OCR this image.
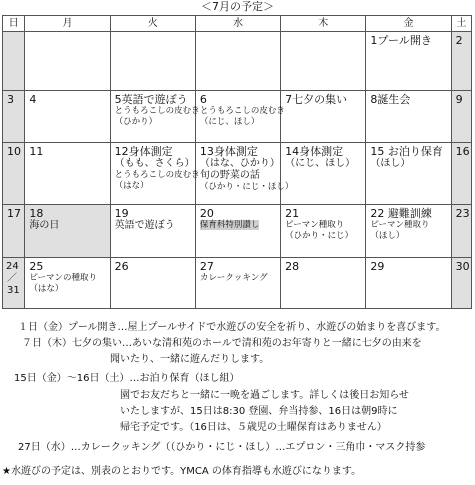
＜7月の予定＞
日	月	火	水	木	金	土

					1プール開き	2

3	4	5英語で遊ぼう
とうもろこしの皮むき
（ひかり）	6
とうもろこしの皮むき
（にじ、ほし）	7七夕の集い	8誕生会	9

10	11	12身体測定
（もも、さくら）
とうもろこしの皮むき
（はな）	13身体測定
（はな、ひかり）
旬の野菜の話
（ひかり・にじ・ほし）	14身体測定
（にじ、ほし）	15 お泊り保育
（ほし）	16

17	18
海の日	19
英語で遊ぼう	20
保育科特別讃し	21
ピーマン種取り
（ひかり・にじ）	22 避難訓練
ピーマン種取り
（ほし）	23

24
／
31	25
ピーマンの種取り
（はな）	26	27
カレークッキング	28	29	30
１日（金）プール開き…屋上プールサイドで水遊びの安全を祈り、水遊びの始まりを喜びます。
７日（木）七夕の集い…あいな清和苑のホールで清和苑のお年寄りと一緒に七夕の由来を
聞いたり、一緒に遊んだりします。
15日（金）～16日（土）…お泊り保育（ほし組）
園でお友だちと一緒に一晩を過ごします。詳しくは後日お知らせ
いたしますが、15日は8:30 登園、弁当持参、16日は朝9時に
帰宅予定です。（16日は、５歳児の土曜保育はありません）
27日（水）…カレークッキング（（ひかり・にじ・ほし）…エプロン・三角巾・マスク持参
★水遊びの予定は、別表のとおりです。YMCA の体育指導も水遊びになります。
